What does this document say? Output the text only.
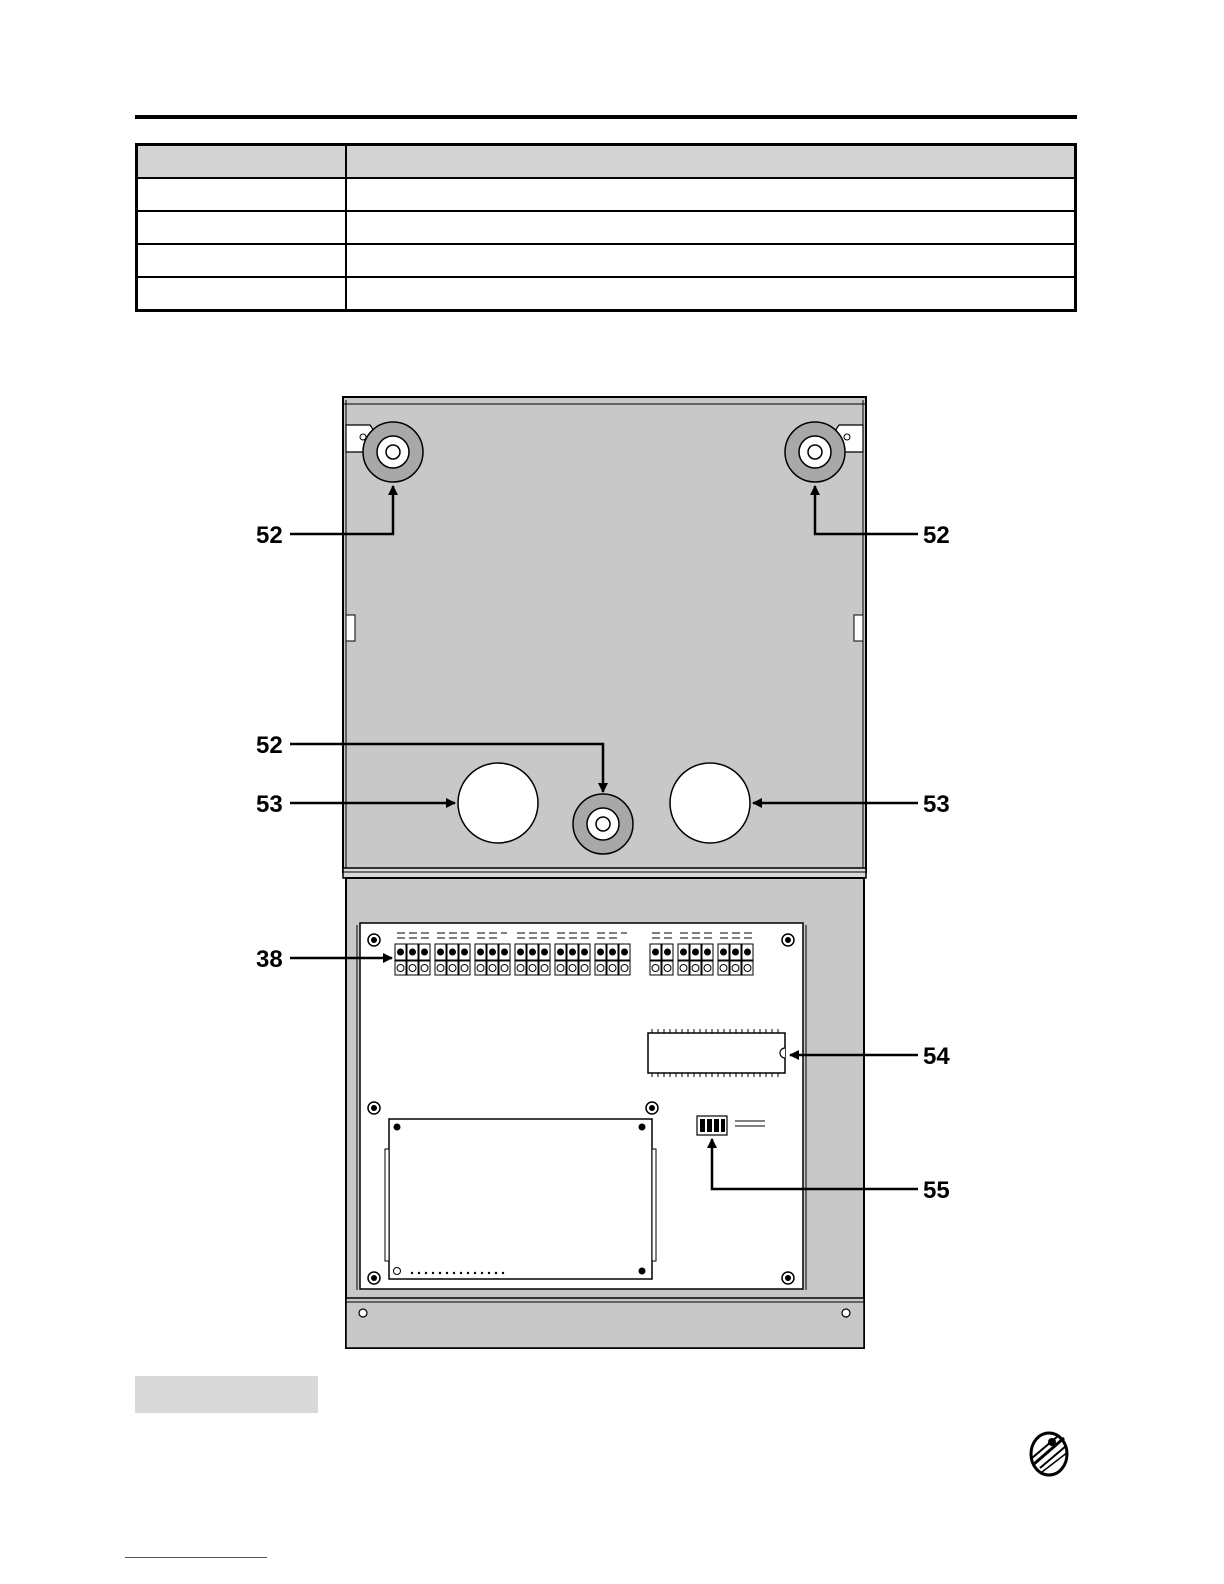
52	52
52
53	53
38
54
55
